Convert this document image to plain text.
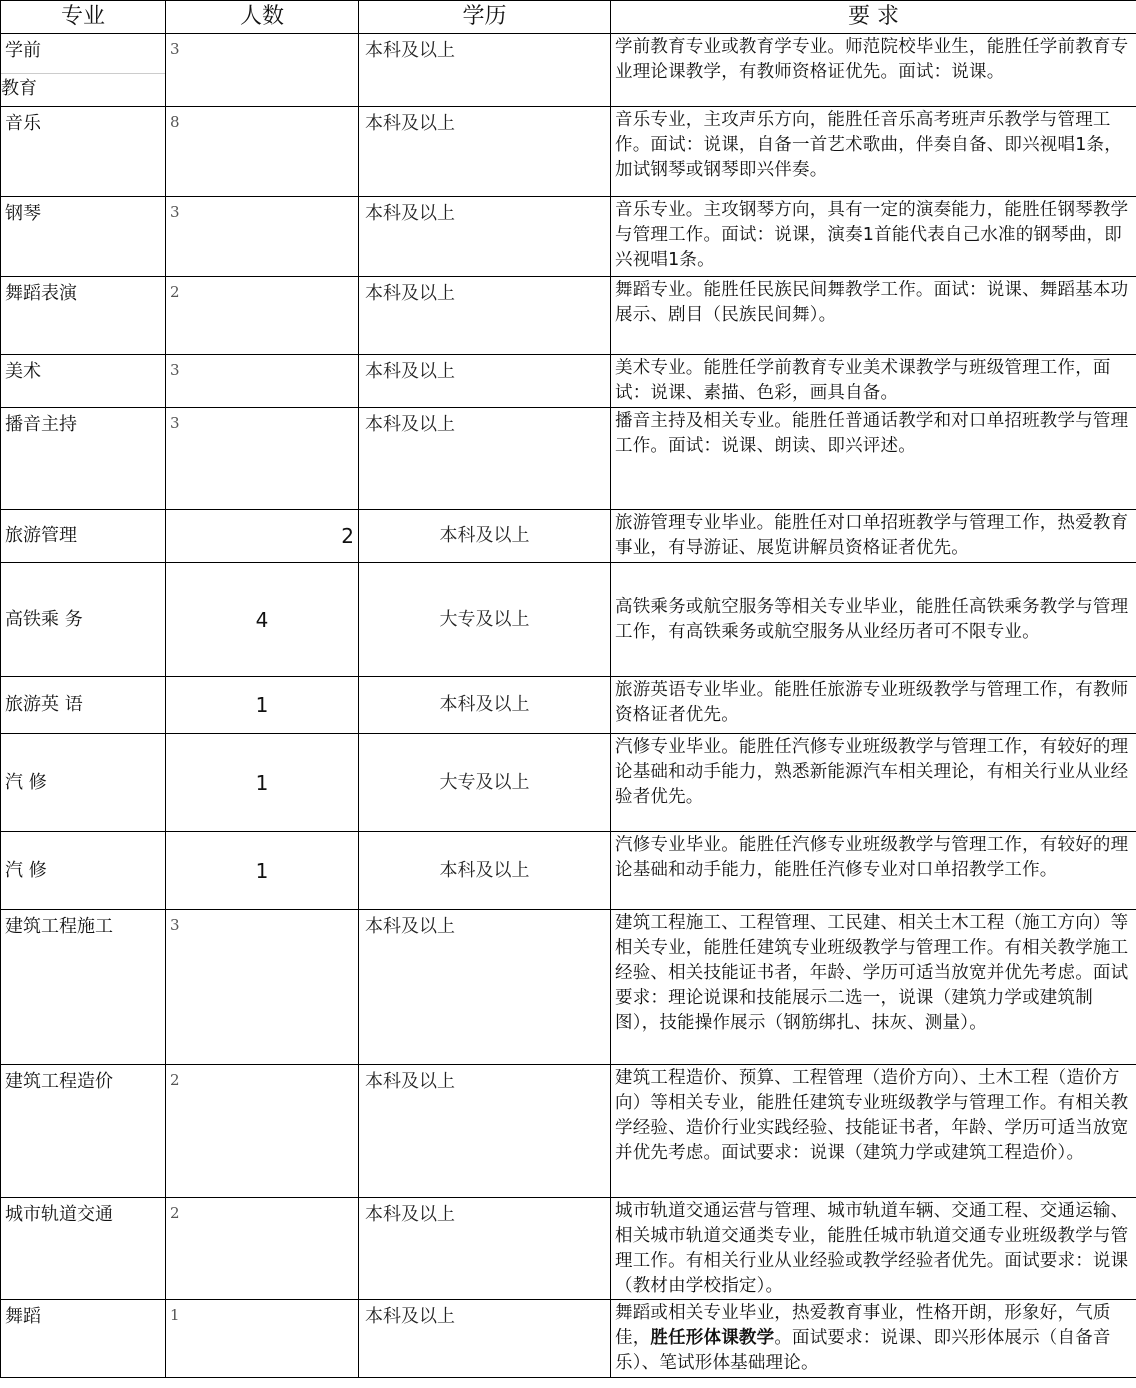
专业	人数	学历	要 求

学前
教育	3	本科及以上	学前教育专业或教育学专业。师范院校毕业生，能胜任学前教育专业理论课教学，有教师资格证优先。面试：说课。
音乐	8	本科及以上	音乐专业，主攻声乐方向，能胜任音乐高考班声乐教学与管理工作。面试：说课，自备一首艺术歌曲，伴奏自备、即兴视唱1条，加试钢琴或钢琴即兴伴奏。
钢琴	3	本科及以上	音乐专业。主攻钢琴方向，具有一定的演奏能力，能胜任钢琴教学与管理工作。面试：说课，演奏1首能代表自己水准的钢琴曲，即兴视唱1条。
舞蹈表演	2	本科及以上	舞蹈专业。能胜任民族民间舞教学工作。面试：说课、舞蹈基本功展示、剧目（民族民间舞）。
美术	3	本科及以上	美术专业。能胜任学前教育专业美术课教学与班级管理工作，面试：说课、素描、色彩，画具自备。
播音主持	3	本科及以上	播音主持及相关专业。能胜任普通话教学和对口单招班教学与管理工作。面试：说课、朗读、即兴评述。
旅游管理	2	本科及以上	旅游管理专业毕业。能胜任对口单招班教学与管理工作，热爱教育事业，有导游证、展览讲解员资格证者优先。
高铁乘 务	4	大专及以上	高铁乘务或航空服务等相关专业毕业，能胜任高铁乘务教学与管理工作，有高铁乘务或航空服务从业经历者可不限专业。
旅游英 语	1	本科及以上	旅游英语专业毕业。能胜任旅游专业班级教学与管理工作，有教师资格证者优先。
汽 修	1	大专及以上	汽修专业毕业。能胜任汽修专业班级教学与管理工作，有较好的理论基础和动手能力，熟悉新能源汽车相关理论，有相关行业从业经验者优先。
汽 修	1	本科及以上	汽修专业毕业。能胜任汽修专业班级教学与管理工作，有较好的理论基础和动手能力，能胜任汽修专业对口单招教学工作。
建筑工程施工	3	本科及以上	建筑工程施工、工程管理、工民建、相关土木工程（施工方向）等相关专业，能胜任建筑专业班级教学与管理工作。有相关教学施工经验、相关技能证书者，年龄、学历可适当放宽并优先考虑。面试要求：理论说课和技能展示二选一，说课（建筑力学或建筑制图），技能操作展示（钢筋绑扎、抹灰、测量）。
建筑工程造价	2	本科及以上	建筑工程造价、预算、工程管理（造价方向）、土木工程（造价方向）等相关专业，能胜任建筑专业班级教学与管理工作。有相关教学经验、造价行业实践经验、技能证书者，年龄、学历可适当放宽并优先考虑。面试要求：说课（建筑力学或建筑工程造价）。
城市轨道交通	2	本科及以上	城市轨道交通运营与管理、城市轨道车辆、交通工程、交通运输、相关城市轨道交通类专业，能胜任城市轨道交通专业班级教学与管理工作。有相关行业从业经验或教学经验者优先。面试要求：说课（教材由学校指定）。
舞蹈	1	本科及以上	舞蹈或相关专业毕业，热爱教育事业，性格开朗，形象好，气质佳，胜任形体课教学。面试要求：说课、即兴形体展示（自备音乐）、笔试形体基础理论。
